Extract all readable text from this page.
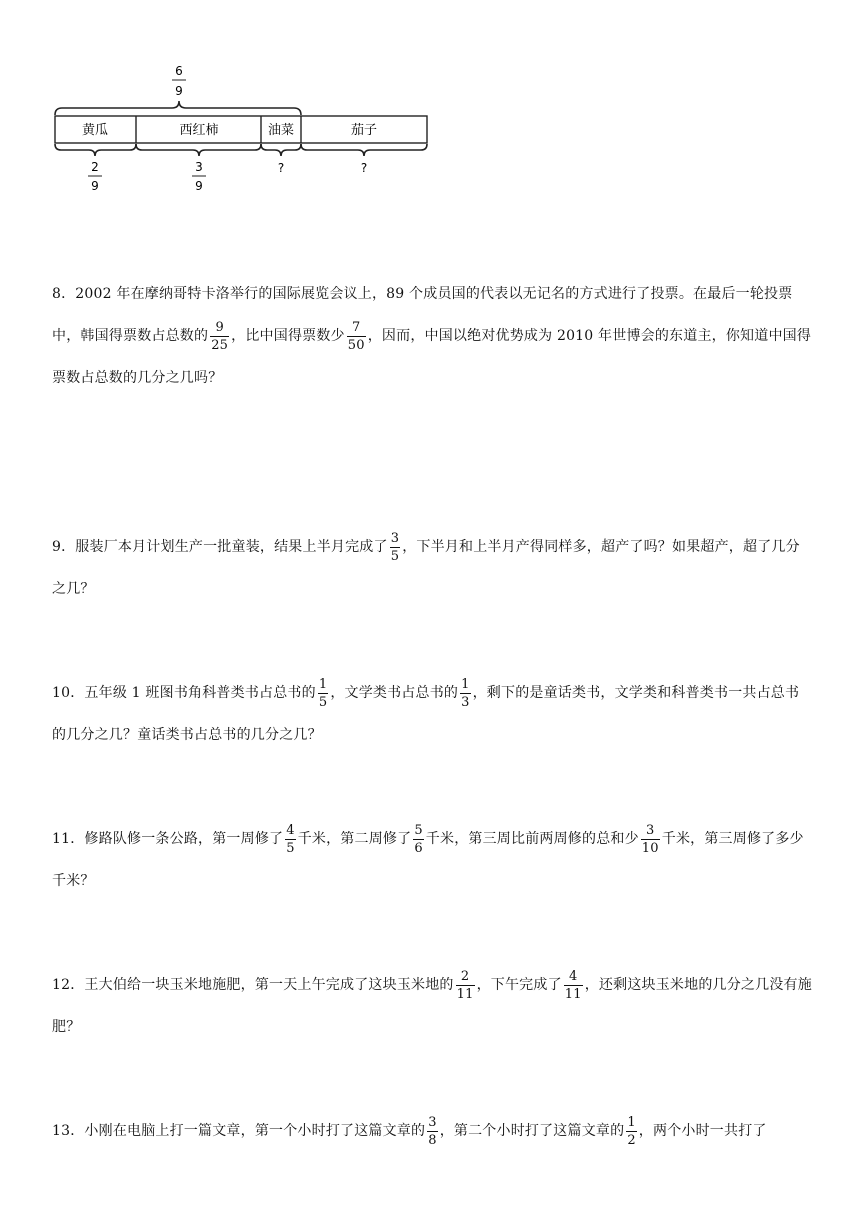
6
9
黄瓜	西红柿	油菜	茄子
2
9
3
9
?	?
8．2002 年在摩纳哥特卡洛举行的国际展览会议上，89 个成员国的代表以无记名的方式进行了投票。在最后一轮投票中，韩国得票数占总数的 $\frac{9}{25}$ ，比中国得票数少 $\frac{7}{50}$ ，因而，中国以绝对优势成为 2010 年世博会的东道主，你知道中国得票数占总数的几分之几吗？
9．服装厂本月计划生产一批童装，结果上半月完成了 $\frac{3}{5}$ ，下半月和上半月产得同样多，超产了吗？如果超产，超了几分之几？
10．五年级 1 班图书角科普类书占总书的 $\frac{1}{5}$ ，文学类书占总书的 $\frac{1}{3}$ ，剩下的是童话类书，文学类和科普类书一共占总书的几分之几？童话类书占总书的几分之几？
11．修路队修一条公路，第一周修了 $\frac{4}{5}$ 千米，第二周修了 $\frac{5}{6}$ 千米，第三周比前两周修的总和少 $\frac{3}{10}$ 千米，第三周修了多少千米？
12．王大伯给一块玉米地施肥，第一天上午完成了这块玉米地的 $\frac{2}{11}$ ，下午完成了 $\frac{4}{11}$ ，还剩这块玉米地的几分之几没有施肥？
13．小刚在电脑上打一篇文章，第一个小时打了这篇文章的 $\frac{3}{8}$ ，第二个小时打了这篇文章的 $\frac{1}{2}$ ，两个小时一共打了
